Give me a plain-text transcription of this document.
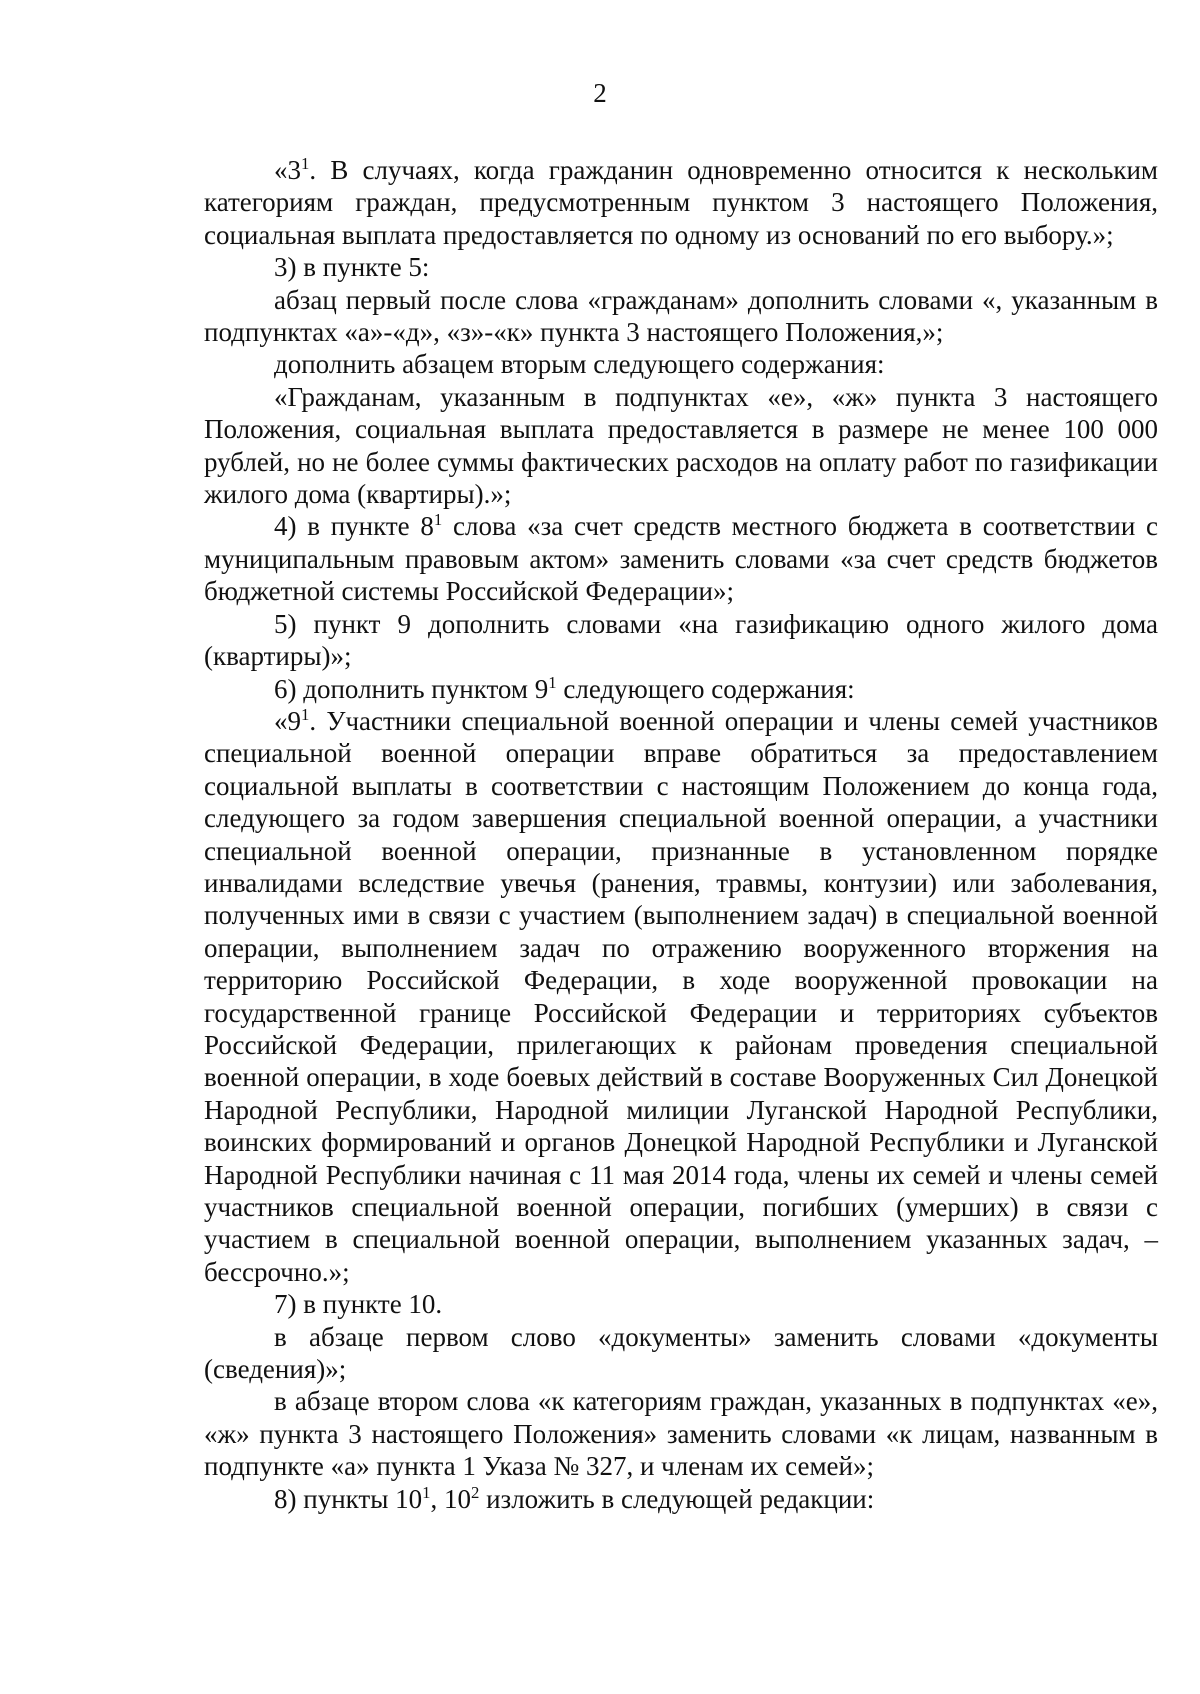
2

«$3^1$. В случаях, когда гражданин одновременно относится к нескольким категориям граждан, предусмотренным пунктом 3 настоящего Положения, социальная выплата предоставляется по одному из оснований по его выбору.»;

3) в пункте 5:

абзац первый после слова «гражданам» дополнить словами «, указанным в подпунктах «а»-«д», «з»-«к» пункта 3 настоящего Положения,»;

дополнить абзацем вторым следующего содержания:

«Гражданам, указанным в подпунктах «е», «ж» пункта 3 настоящего Положения, социальная выплата предоставляется в размере не менее 100 000 рублей, но не более суммы фактических расходов на оплату работ по газификации жилого дома (квартиры).»;

4) в пункте $8^1$ слова «за счет средств местного бюджета в соответствии с муниципальным правовым актом» заменить словами «за счет средств бюджетов бюджетной системы Российской Федерации»;

5) пункт 9 дополнить словами «на газификацию одного жилого дома (квартиры)»;

6) дополнить пунктом $9^1$ следующего содержания:

«$9^1$. Участники специальной военной операции и члены семей участников специальной военной операции вправе обратиться за предоставлением социальной выплаты в соответствии с настоящим Положением до конца года, следующего за годом завершения специальной военной операции, а участники специальной военной операции, признанные в установленном порядке инвалидами вследствие увечья (ранения, травмы, контузии) или заболевания, полученных ими в связи с участием (выполнением задач) в специальной военной операции, выполнением задач по отражению вооруженного вторжения на территорию Российской Федерации, в ходе вооруженной провокации на государственной границе Российской Федерации и территориях субъектов Российской Федерации, прилегающих к районам проведения специальной военной операции, в ходе боевых действий в составе Вооруженных Сил Донецкой Народной Республики, Народной милиции Луганской Народной Республики, воинских формирований и органов Донецкой Народной Республики и Луганской Народной Республики начиная с 11 мая 2014 года, члены их семей и члены семей участников специальной военной операции, погибших (умерших) в связи с участием в специальной военной операции, выполнением указанных задач, – бессрочно.»;

7) в пункте 10.

в абзаце первом слово «документы» заменить словами «документы (сведения)»;

в абзаце втором слова «к категориям граждан, указанных в подпунктах «е», «ж» пункта 3 настоящего Положения» заменить словами «к лицам, названным в подпункте «а» пункта 1 Указа № 327, и членам их семей»;

8) пункты $10^1$, $10^2$ изложить в следующей редакции:
